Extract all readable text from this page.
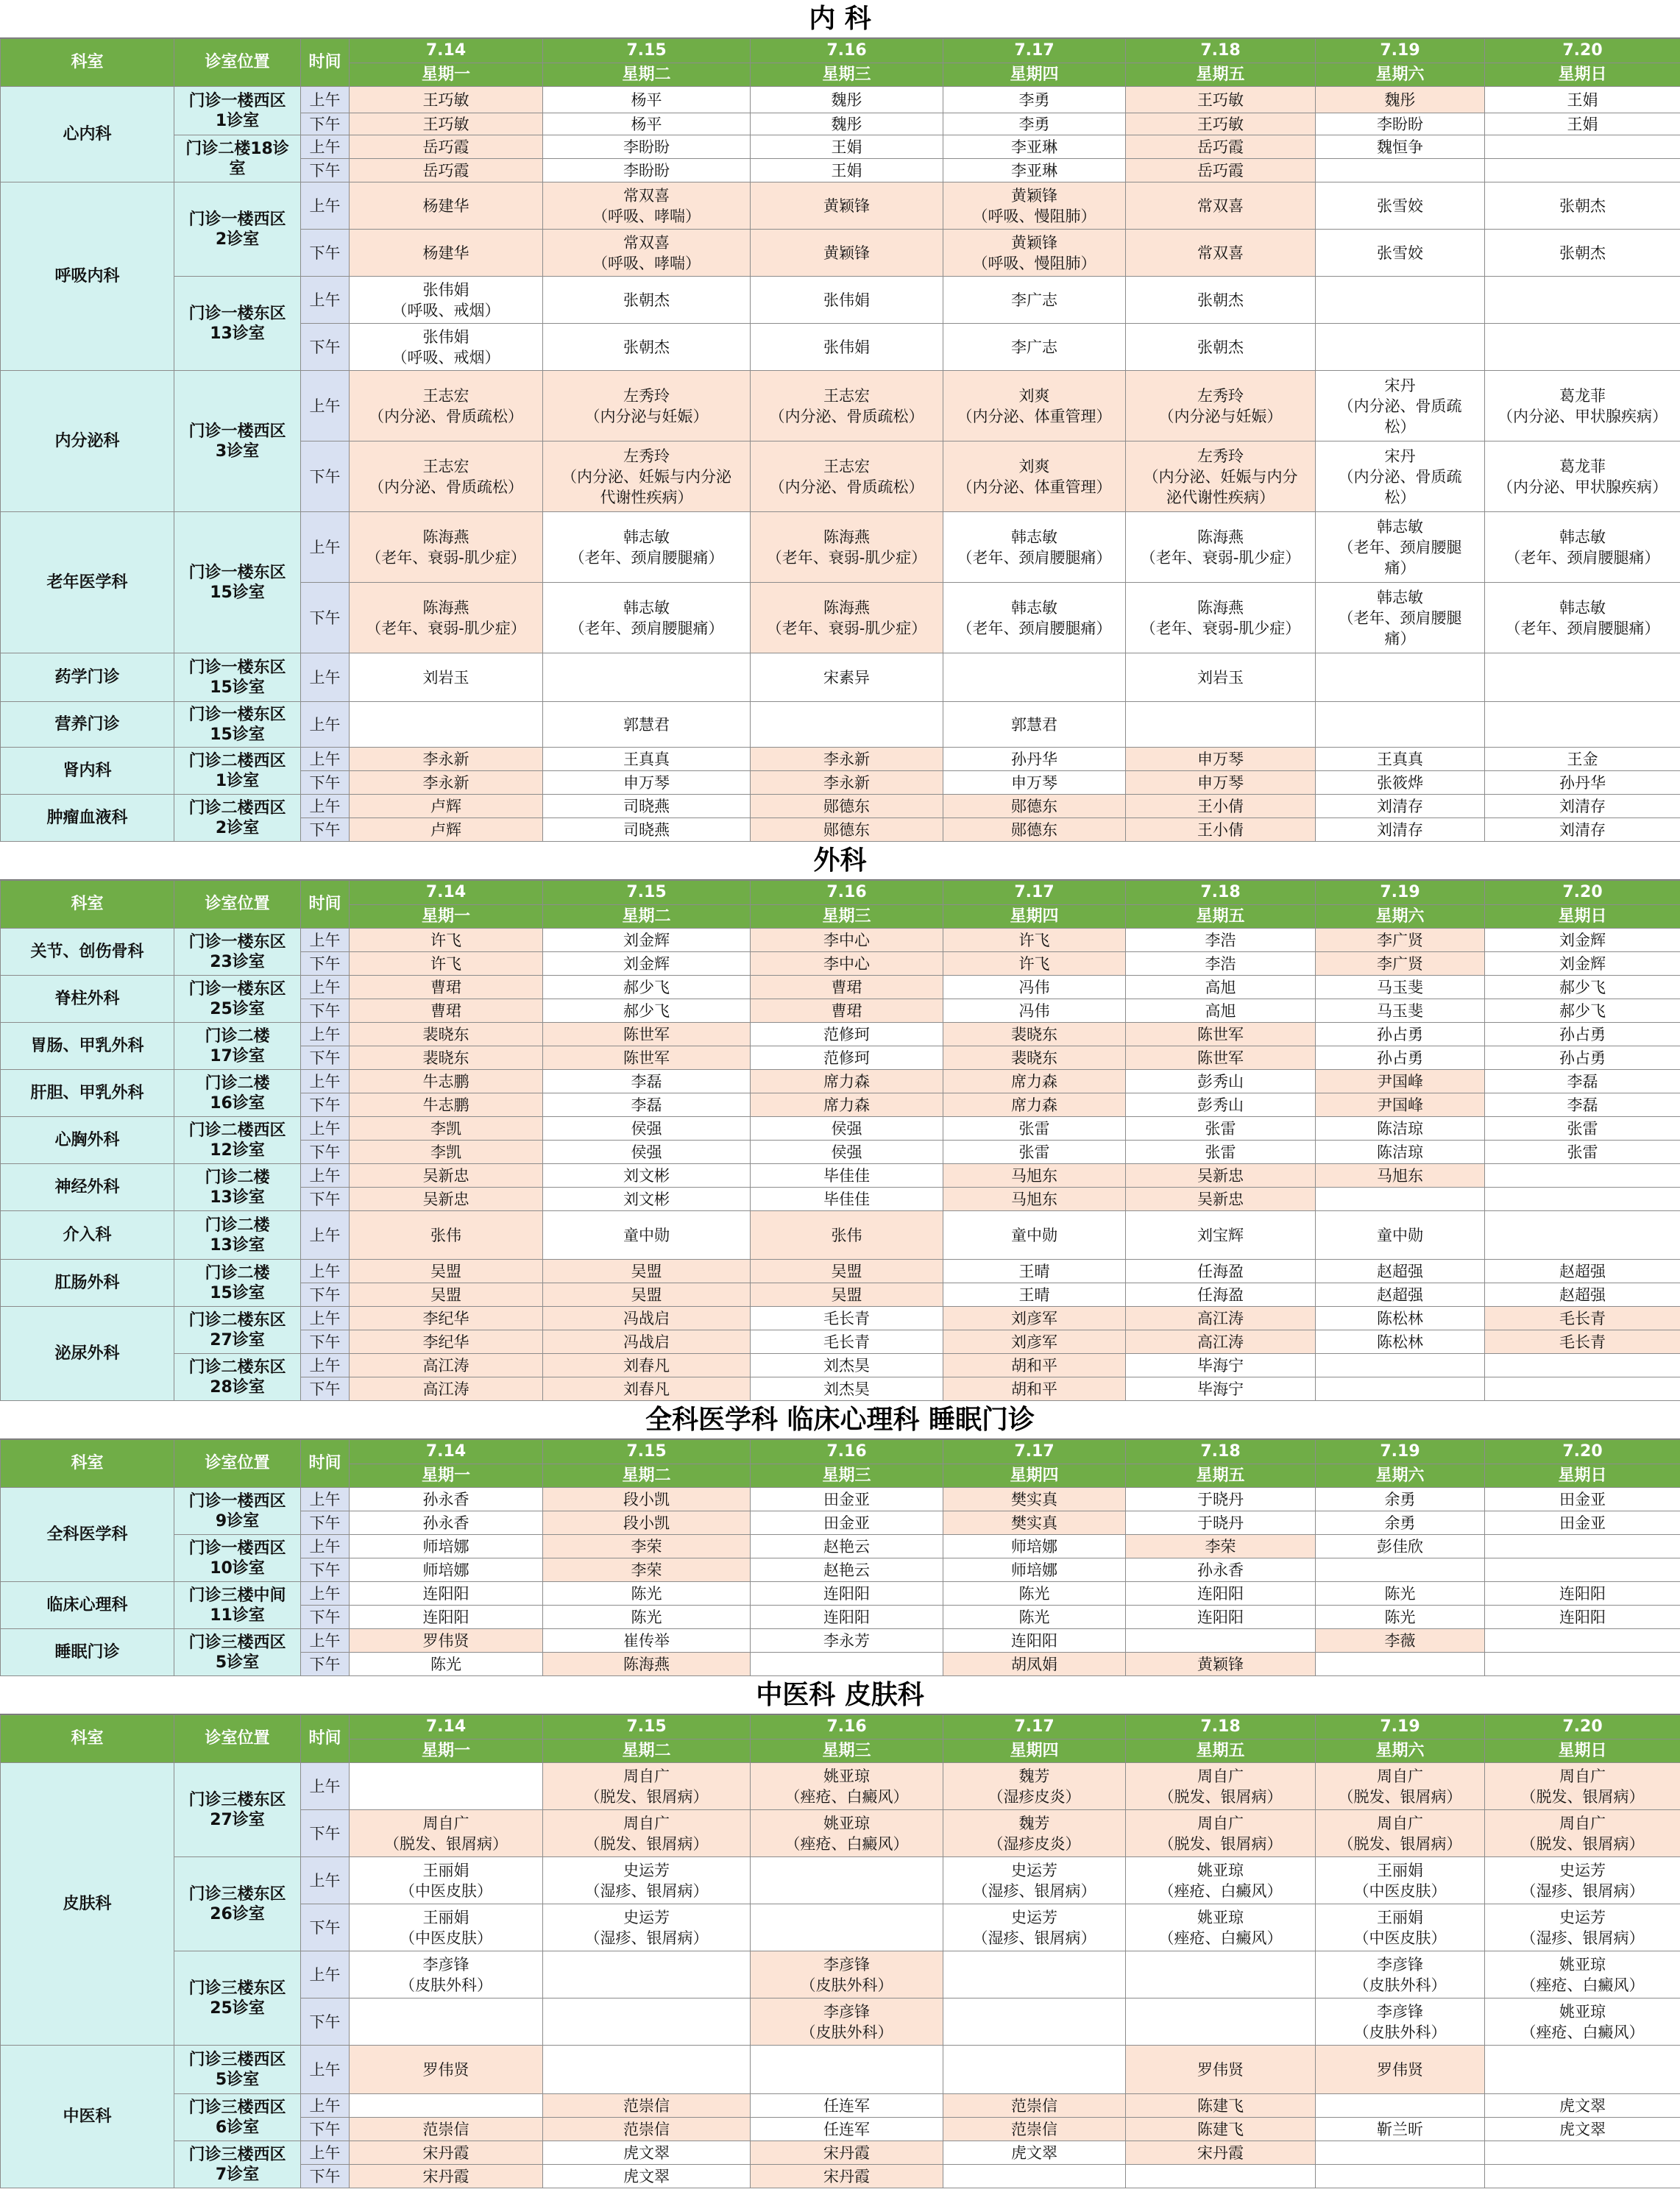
内 科
科室	诊室位置	时间	7.14	7.15	7.16	7.17	7.18	7.19	7.20
			星期一	星期二	星期三	星期四	星期五	星期六	星期日
心内科	门诊一楼西区
1诊室	上午	王巧敏	杨平	魏彤	李勇	王巧敏	魏彤	王娟
		下午	王巧敏	杨平	魏彤	李勇	王巧敏	李盼盼	王娟
	门诊二楼18诊
室	上午	岳巧霞	李盼盼	王娟	李亚琳	岳巧霞	魏恒争	
		下午	岳巧霞	李盼盼	王娟	李亚琳	岳巧霞		
呼吸内科	门诊一楼西区
2诊室	上午	杨建华	常双喜
（呼吸、哮喘）	黄颖锋	黄颖锋
（呼吸、慢阻肺）	常双喜	张雪姣	张朝杰
		下午	杨建华	常双喜
（呼吸、哮喘）	黄颖锋	黄颖锋
（呼吸、慢阻肺）	常双喜	张雪姣	张朝杰
	门诊一楼东区
13诊室	上午	张伟娟
（呼吸、戒烟）	张朝杰	张伟娟	李广志	张朝杰		
		下午	张伟娟
（呼吸、戒烟）	张朝杰	张伟娟	李广志	张朝杰		
内分泌科	门诊一楼西区
3诊室	上午	王志宏
（内分泌、骨质疏松）	左秀玲
（内分泌与妊娠）	王志宏
（内分泌、骨质疏松）	刘爽
（内分泌、体重管理）	左秀玲
（内分泌与妊娠）	宋丹
（内分泌、骨质疏
松）	葛龙菲
（内分泌、甲状腺疾病）
		下午	王志宏
（内分泌、骨质疏松）	左秀玲
（内分泌、妊娠与内分泌
代谢性疾病）	王志宏
（内分泌、骨质疏松）	刘爽
（内分泌、体重管理）	左秀玲
（内分泌、妊娠与内分
泌代谢性疾病）	宋丹
（内分泌、骨质疏
松）	葛龙菲
（内分泌、甲状腺疾病）
老年医学科	门诊一楼东区
15诊室	上午	陈海燕
（老年、衰弱-肌少症）	韩志敏
（老年、颈肩腰腿痛）	陈海燕
（老年、衰弱-肌少症）	韩志敏
（老年、颈肩腰腿痛）	陈海燕
（老年、衰弱-肌少症）	韩志敏
（老年、颈肩腰腿
痛）	韩志敏
（老年、颈肩腰腿痛）
		下午	陈海燕
（老年、衰弱-肌少症）	韩志敏
（老年、颈肩腰腿痛）	陈海燕
（老年、衰弱-肌少症）	韩志敏
（老年、颈肩腰腿痛）	陈海燕
（老年、衰弱-肌少症）	韩志敏
（老年、颈肩腰腿
痛）	韩志敏
（老年、颈肩腰腿痛）
药学门诊	门诊一楼东区
15诊室	上午	刘岩玉		宋素异		刘岩玉		
营养门诊	门诊一楼东区
15诊室	上午		郭慧君		郭慧君			
肾内科	门诊二楼西区
1诊室	上午	李永新	王真真	李永新	孙丹华	申万琴	王真真	王金
		下午	李永新	申万琴	李永新	申万琴	申万琴	张筱烨	孙丹华
肿瘤血液科	门诊二楼西区
2诊室	上午	卢辉	司晓燕	郧德东	郧德东	王小倩	刘清存	刘清存
		下午	卢辉	司晓燕	郧德东	郧德东	王小倩	刘清存	刘清存
外科
科室	诊室位置	时间	7.14	7.15	7.16	7.17	7.18	7.19	7.20
			星期一	星期二	星期三	星期四	星期五	星期六	星期日
关节、创伤骨科	门诊一楼东区
23诊室	上午	许飞	刘金辉	李中心	许飞	李浩	李广贤	刘金辉
		下午	许飞	刘金辉	李中心	许飞	李浩	李广贤	刘金辉
脊柱外科	门诊一楼东区
25诊室	上午	曹珺	郝少飞	曹珺	冯伟	高旭	马玉斐	郝少飞
		下午	曹珺	郝少飞	曹珺	冯伟	高旭	马玉斐	郝少飞
胃肠、甲乳外科	门诊二楼
17诊室	上午	裴晓东	陈世军	范修珂	裴晓东	陈世军	孙占勇	孙占勇
		下午	裴晓东	陈世军	范修珂	裴晓东	陈世军	孙占勇	孙占勇
肝胆、甲乳外科	门诊二楼
16诊室	上午	牛志鹏	李磊	席力森	席力森	彭秀山	尹国峰	李磊
		下午	牛志鹏	李磊	席力森	席力森	彭秀山	尹国峰	李磊
心胸外科	门诊二楼西区
12诊室	上午	李凯	侯强	侯强	张雷	张雷	陈洁琼	张雷
		下午	李凯	侯强	侯强	张雷	张雷	陈洁琼	张雷
神经外科	门诊二楼
13诊室	上午	吴新忠	刘文彬	毕佳佳	马旭东	吴新忠	马旭东	
		下午	吴新忠	刘文彬	毕佳佳	马旭东	吴新忠		
介入科	门诊二楼
13诊室	上午	张伟	童中勋	张伟	童中勋	刘宝辉	童中勋	
肛肠外科	门诊二楼
15诊室	上午	吴盟	吴盟	吴盟	王晴	任海盈	赵超强	赵超强
		下午	吴盟	吴盟	吴盟	王晴	任海盈	赵超强	赵超强
泌尿外科	门诊二楼东区
27诊室	上午	李纪华	冯战启	毛长青	刘彦军	高江涛	陈松林	毛长青
		下午	李纪华	冯战启	毛长青	刘彦军	高江涛	陈松林	毛长青
	门诊二楼东区
28诊室	上午	高江涛	刘春凡	刘杰昊	胡和平	毕海宁		
		下午	高江涛	刘春凡	刘杰昊	胡和平	毕海宁		
全科医学科 临床心理科 睡眠门诊
科室	诊室位置	时间	7.14	7.15	7.16	7.17	7.18	7.19	7.20
			星期一	星期二	星期三	星期四	星期五	星期六	星期日
全科医学科	门诊一楼西区
9诊室	上午	孙永香	段小凯	田金亚	樊实真	于晓丹	余勇	田金亚
		下午	孙永香	段小凯	田金亚	樊实真	于晓丹	余勇	田金亚
	门诊一楼西区
10诊室	上午	师培娜	李荣	赵艳云	师培娜	李荣	彭佳欣	
		下午	师培娜	李荣	赵艳云	师培娜	孙永香		
临床心理科	门诊三楼中间
11诊室	上午	连阳阳	陈光	连阳阳	陈光	连阳阳	陈光	连阳阳
		下午	连阳阳	陈光	连阳阳	陈光	连阳阳	陈光	连阳阳
睡眠门诊	门诊三楼西区
5诊室	上午	罗伟贤	崔传举	李永芳	连阳阳		李薇	
		下午	陈光	陈海燕		胡凤娟	黄颖锋		
中医科 皮肤科
科室	诊室位置	时间	7.14	7.15	7.16	7.17	7.18	7.19	7.20
			星期一	星期二	星期三	星期四	星期五	星期六	星期日
皮肤科	门诊三楼东区
27诊室	上午		周自广
（脱发、银屑病）	姚亚琼
（痤疮、白癜风）	魏芳
（湿疹皮炎）	周自广
（脱发、银屑病）	周自广
（脱发、银屑病）	周自广
（脱发、银屑病）
		下午	周自广
（脱发、银屑病）	周自广
（脱发、银屑病）	姚亚琼
（痤疮、白癜风）	魏芳
（湿疹皮炎）	周自广
（脱发、银屑病）	周自广
（脱发、银屑病）	周自广
（脱发、银屑病）
	门诊三楼东区
26诊室	上午	王丽娟
（中医皮肤）	史运芳
（湿疹、银屑病）		史运芳
（湿疹、银屑病）	姚亚琼
（痤疮、白癜风）	王丽娟
（中医皮肤）	史运芳
（湿疹、银屑病）
		下午	王丽娟
（中医皮肤）	史运芳
（湿疹、银屑病）		史运芳
（湿疹、银屑病）	姚亚琼
（痤疮、白癜风）	王丽娟
（中医皮肤）	史运芳
（湿疹、银屑病）
	门诊三楼东区
25诊室	上午	李彦锋
（皮肤外科）		李彦锋
（皮肤外科）			李彦锋
（皮肤外科）	姚亚琼
（痤疮、白癜风）
		下午			李彦锋
（皮肤外科）			李彦锋
（皮肤外科）	姚亚琼
（痤疮、白癜风）
中医科	门诊三楼西区
5诊室	上午	罗伟贤				罗伟贤	罗伟贤	
	门诊三楼西区
6诊室	上午		范崇信	任连军	范崇信	陈建飞		虎文翠
		下午	范崇信	范崇信	任连军	范崇信	陈建飞	靳兰昕	虎文翠
	门诊三楼西区
7诊室	上午	宋丹霞	虎文翠	宋丹霞	虎文翠	宋丹霞		
		下午	宋丹霞	虎文翠	宋丹霞				
